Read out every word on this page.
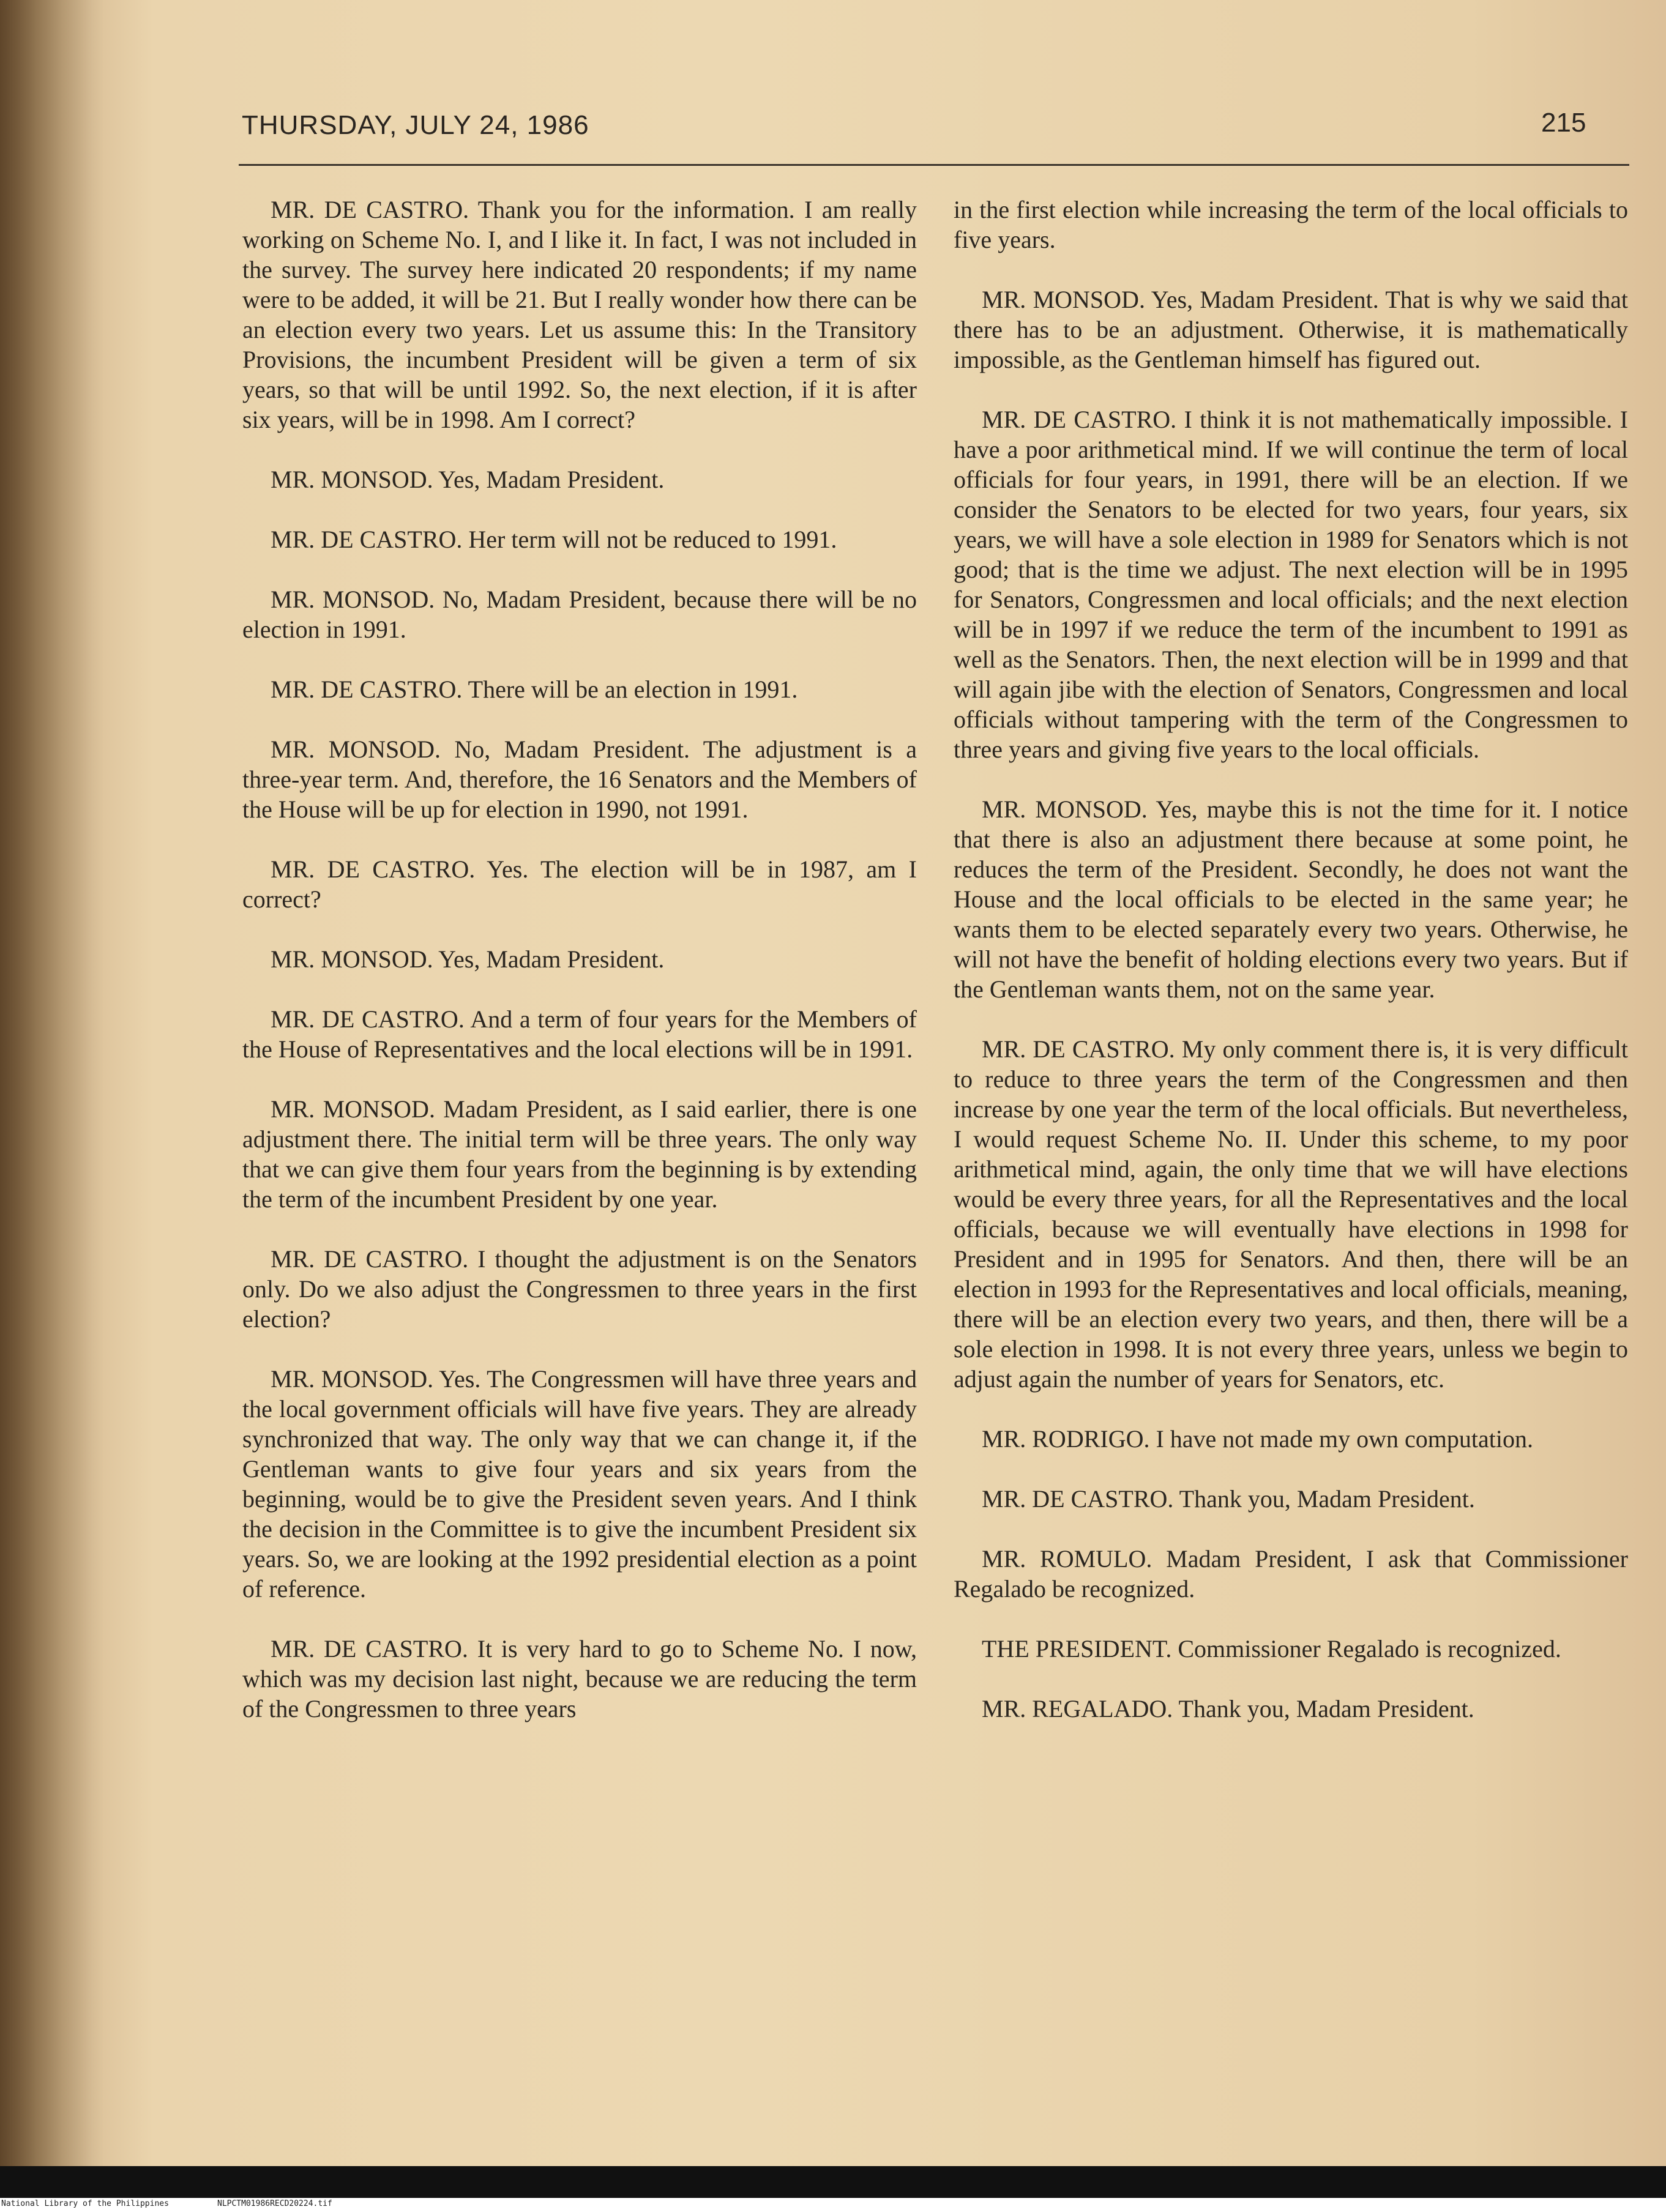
THURSDAY, JULY 24, 1986	215

MR. DE CASTRO. Thank you for the information. I am really working on Scheme No. I, and I like it. In fact, I was not included in the survey. The survey here indicated 20 respondents; if my name were to be added, it will be 21. But I really wonder how there can be an election every two years. Let us assume this: In the Transitory Provisions, the incumbent President will be given a term of six years, so that will be until 1992. So, the next election, if it is after six years, will be in 1998. Am I correct?

MR. MONSOD. Yes, Madam President.

MR. DE CASTRO. Her term will not be reduced to 1991.

MR. MONSOD. No, Madam President, because there will be no election in 1991.

MR. DE CASTRO. There will be an election in 1991.

MR. MONSOD. No, Madam President. The adjustment is a three-year term. And, therefore, the 16 Senators and the Members of the House will be up for election in 1990, not 1991.

MR. DE CASTRO. Yes. The election will be in 1987, am I correct?

MR. MONSOD. Yes, Madam President.

MR. DE CASTRO. And a term of four years for the Members of the House of Representatives and the local elections will be in 1991.

MR. MONSOD. Madam President, as I said earlier, there is one adjustment there. The initial term will be three years. The only way that we can give them four years from the beginning is by extending the term of the incumbent President by one year.

MR. DE CASTRO. I thought the adjustment is on the Senators only. Do we also adjust the Congressmen to three years in the first election?

MR. MONSOD. Yes. The Congressmen will have three years and the local government officials will have five years. They are already synchronized that way. The only way that we can change it, if the Gentleman wants to give four years and six years from the beginning, would be to give the President seven years. And I think the decision in the Committee is to give the incumbent President six years. So, we are looking at the 1992 presidential election as a point of reference.

MR. DE CASTRO. It is very hard to go to Scheme No. I now, which was my decision last night, because we are reducing the term of the Congressmen to three years

in the first election while increasing the term of the local officials to five years.

MR. MONSOD. Yes, Madam President. That is why we said that there has to be an adjustment. Otherwise, it is mathematically impossible, as the Gentleman himself has figured out.

MR. DE CASTRO. I think it is not mathematically impossible. I have a poor arithmetical mind. If we will continue the term of local officials for four years, in 1991, there will be an election. If we consider the Senators to be elected for two years, four years, six years, we will have a sole election in 1989 for Senators which is not good; that is the time we adjust. The next election will be in 1995 for Senators, Congressmen and local officials; and the next election will be in 1997 if we reduce the term of the incumbent to 1991 as well as the Senators. Then, the next election will be in 1999 and that will again jibe with the election of Senators, Congressmen and local officials without tampering with the term of the Congressmen to three years and giving five years to the local officials.

MR. MONSOD. Yes, maybe this is not the time for it. I notice that there is also an adjustment there because at some point, he reduces the term of the President. Secondly, he does not want the House and the local officials to be elected in the same year; he wants them to be elected separately every two years. Otherwise, he will not have the benefit of holding elections every two years. But if the Gentleman wants them, not on the same year.

MR. DE CASTRO. My only comment there is, it is very difficult to reduce to three years the term of the Congressmen and then increase by one year the term of the local officials. But nevertheless, I would request Scheme No. II. Under this scheme, to my poor arithmetical mind, again, the only time that we will have elections would be every three years, for all the Representatives and the local officials, because we will eventually have elections in 1998 for President and in 1995 for Senators. And then, there will be an election in 1993 for the Representatives and local officials, meaning, there will be an election every two years, and then, there will be a sole election in 1998. It is not every three years, unless we begin to adjust again the number of years for Senators, etc.

MR. RODRIGO. I have not made my own computation.

MR. DE CASTRO. Thank you, Madam President.

MR. ROMULO. Madam President, I ask that Commissioner Regalado be recognized.

THE PRESIDENT. Commissioner Regalado is recognized.

MR. REGALADO. Thank you, Madam President.

National Library of the Philippines	NLPCTM01986RECD20224.tif
